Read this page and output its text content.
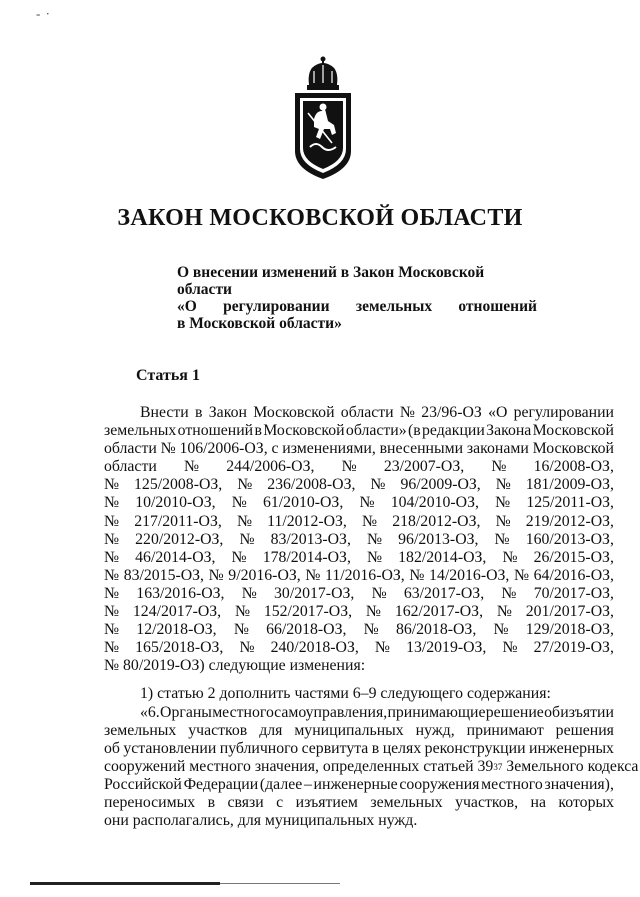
- ·
ЗАКОН МОСКОВСКОЙ ОБЛАСТИ
О внесении изменений в Закон Московской области
«О регулировании земельных отношений
в Московской области»
Статья 1
Внести в Закон Московской области № 23/96-ОЗ «О регулировании
земельных отношений в Московской области» (в редакции Закона Московской
области № 106/2006-ОЗ, с изменениями, внесенными законами Московской
области № 244/2006-ОЗ, № 23/2007-ОЗ, № 16/2008-ОЗ,
№ 125/2008-ОЗ, № 236/2008-ОЗ, № 96/2009-ОЗ, № 181/2009-ОЗ,
№ 10/2010-ОЗ, № 61/2010-ОЗ, № 104/2010-ОЗ, № 125/2011-ОЗ,
№ 217/2011-ОЗ, № 11/2012-ОЗ, № 218/2012-ОЗ, № 219/2012-ОЗ,
№ 220/2012-ОЗ, № 83/2013-ОЗ, № 96/2013-ОЗ, № 160/2013-ОЗ,
№ 46/2014-ОЗ, № 178/2014-ОЗ, № 182/2014-ОЗ, № 26/2015-ОЗ,
№ 83/2015-ОЗ, № 9/2016-ОЗ, № 11/2016-ОЗ, № 14/2016-ОЗ, № 64/2016-ОЗ,
№ 163/2016-ОЗ, № 30/2017-ОЗ, № 63/2017-ОЗ, № 70/2017-ОЗ,
№ 124/2017-ОЗ, № 152/2017-ОЗ, № 162/2017-ОЗ, № 201/2017-ОЗ,
№ 12/2018-ОЗ, № 66/2018-ОЗ, № 86/2018-ОЗ, № 129/2018-ОЗ,
№ 165/2018-ОЗ, № 240/2018-ОЗ, № 13/2019-ОЗ, № 27/2019-ОЗ,
№ 80/2019-ОЗ) следующие изменения:
1) статью 2 дополнить частями 6–9 следующего содержания:
«6. Органы местного самоуправления, принимающие решение об изъятии
земельных участков для муниципальных нужд, принимают решения
об установлении публичного сервитута в целях реконструкции инженерных
сооружений местного значения, определенных статьей 39 37 Земельного кодекса
Российской Федерации (далее – инженерные сооружения местного значения),
переносимых в связи с изъятием земельных участков, на которых
они располагались, для муниципальных нужд.
